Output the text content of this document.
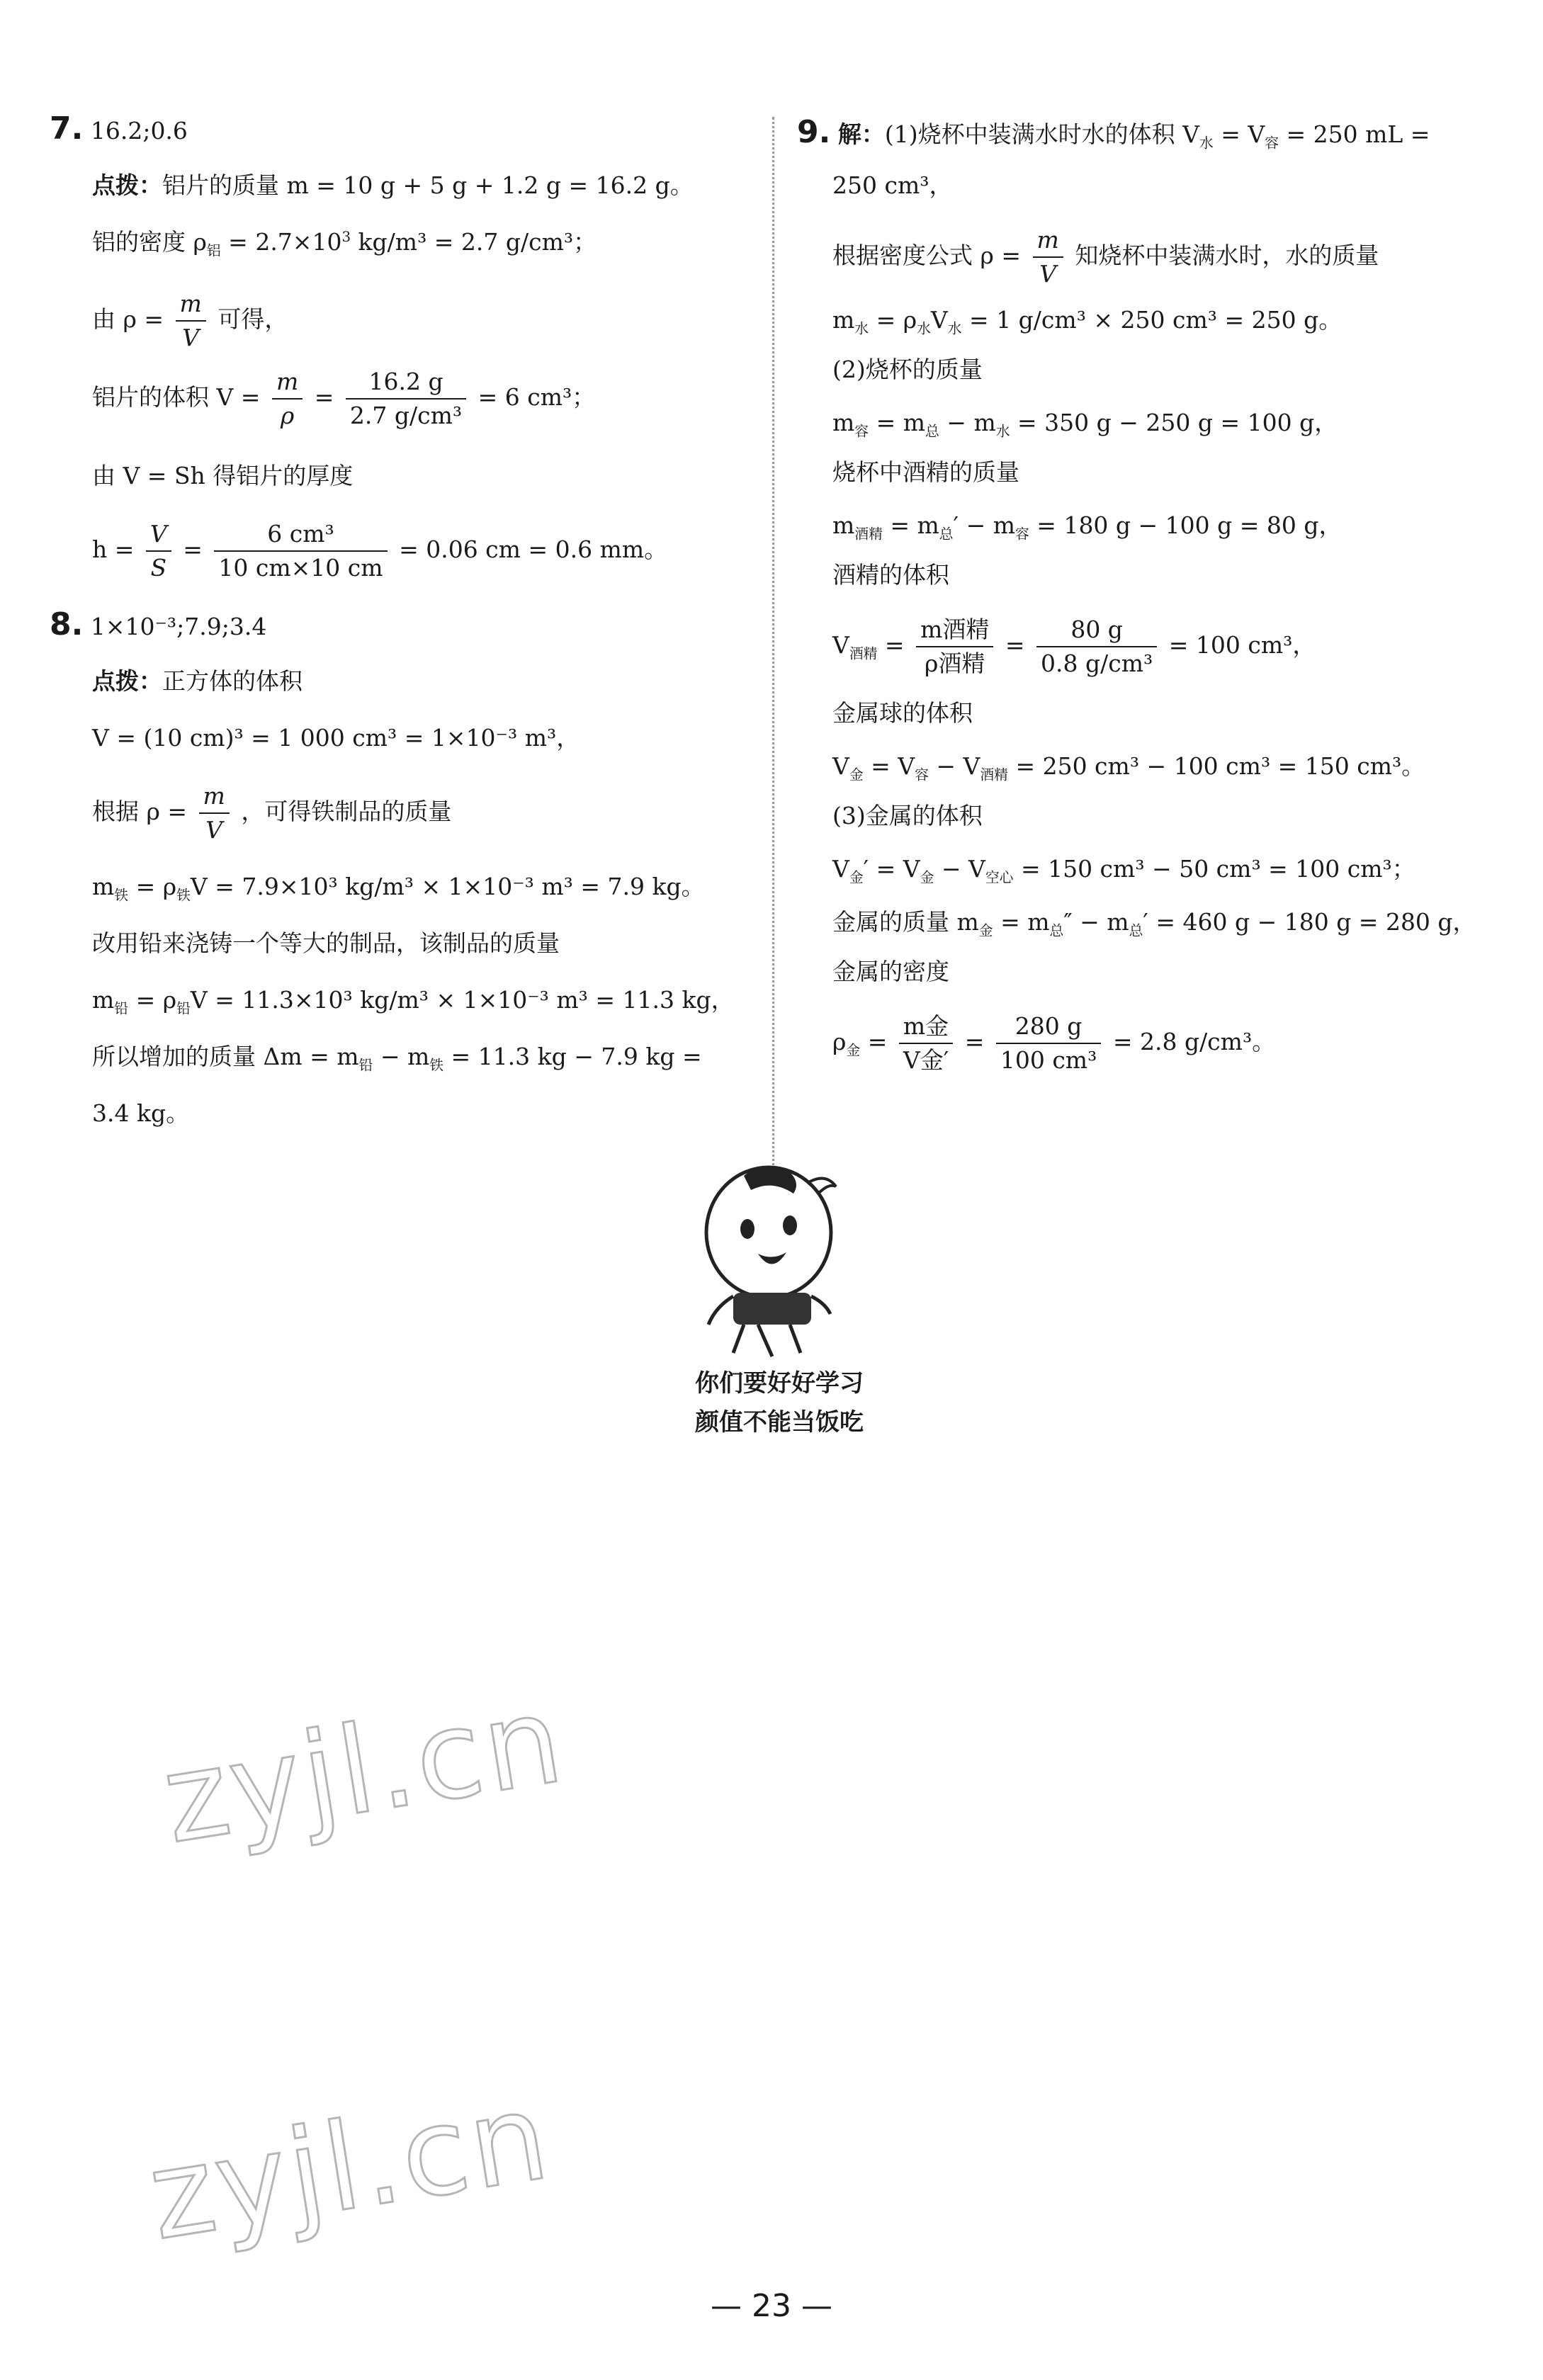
7. 16.2;0.6
点拨：铝片的质量 m = 10 g + 5 g + 1.2 g = 16.2 g。
铝的密度 $\rho_铝 = 2.7\times 10^3$ kg/m³ = 2.7 g/cm³；
由 $\rho = \frac{m}{V}$ 可得，
铝片的体积 $V = \frac{m}{\rho} = \frac{16.2 g}{\text{2.7 g/cm³}} = 6$ cm³；
由 V = Sh 得铝片的厚度
$h = \frac{V}{S} = \frac{\text{6 cm³}}{10 cm\times 10 cm} = 0.06$ cm = 0.6 mm。
8. 1×10⁻³;7.9;3.4
点拨：正方体的体积
V = (10 cm)³ = 1 000 cm³ = 1×10⁻³ m³，
根据 $\rho = \frac{m}{V}$ ，可得铁制品的质量
$m_铁 = \rho_铁V = 7.9\times 10^3$ kg/m³ × 1×10⁻³ m³ = 7.9 kg。
改用铅来浇铸一个等大的制品，该制品的质量
$m_铅 = \rho_铅V = 11.3\times 10^3$ kg/m³ × 1×10⁻³ m³ = 11.3 kg，
所以增加的质量 $\Delta m = m_铅 - m_铁 = 11.3$ kg − 7.9 kg =
3.4 kg。
9. 解：(1)烧杯中装满水时水的体积 $V_水 = V_容 = 250$ mL =
250 cm³，
根据密度公式 $\rho = \frac{m}{V}$ 知烧杯中装满水时，水的质量
$m_水 = \rho_水V_水 = 1$ g/cm³ × 250 cm³ = 250 g。
(2)烧杯的质量
$m_容 = m_总 - m_水 = 350$ g − 250 g = 100 g，
烧杯中酒精的质量
$m_{酒精} = m_总' - m_容 = 180$ g − 100 g = 80 g，
酒精的体积
$V_{酒精} = \frac{\text{m酒精}}{\text{ρ酒精}} = \frac{80 g}{\text{0.8 g/cm³}} = 100$ cm³，
金属球的体积
$V_金 = V_容 - V_{酒精} = 250$ cm³ − 100 cm³ = 150 cm³。
(3)金属的体积
$V_金' = V_金 - V_{空心} = 150$ cm³ − 50 cm³ = 100 cm³；
金属的质量 $m_金 = m_总'' - m_总' = 460$ g − 180 g = 280 g，
金属的密度
$\rho_金 = \frac{\text{m金}}{\text{V金′}} = \frac{280 g}{\text{100 cm³}} = 2.8$ g/cm³。
你们要好好学习
颜值不能当饭吃
zyjl.cn
zyjl.cn
— 23 —
